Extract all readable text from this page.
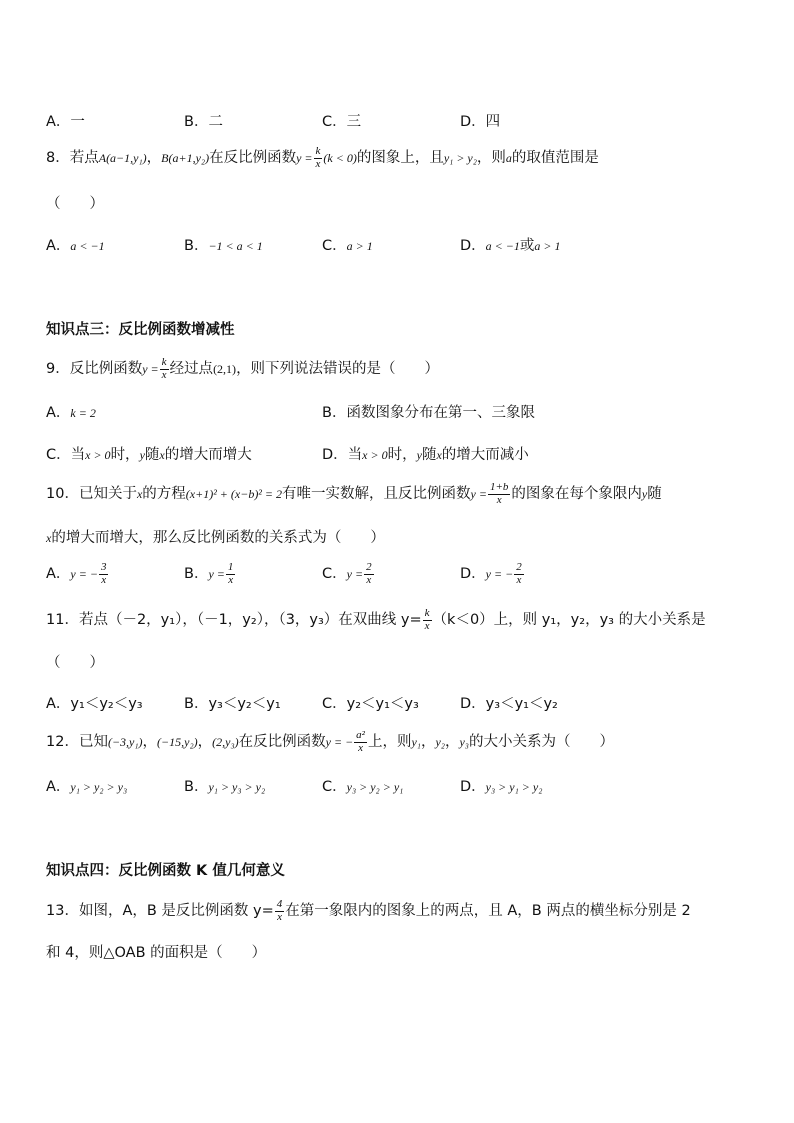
A．一	B．二	C．三	D．四
8．若点A(a−1,y₁)，B(a+1,y₂)在反比例函数$y = \frac{k}{x} (k < 0)$的图象上，且y₁ > y₂，则a的取值范围是
（　　）
A．a < −1	B．−1 < a < 1	C．a > 1	D．a < −1或a > 1
知识点三：反比例函数增减性
9．反比例函数$y = \frac{k}{x}$ 经过点(2,1)，则下列说法错误的是（　　）
A．k = 2	B．函数图象分布在第一、三象限
C．当x > 0时，y随x的增大而增大	D．当x > 0时，y随x的增大而减小
10．已知关于x的方程(x+1)² + (x−b)² = 2有唯一实数解，且反比例函数$y = \frac{1+b}{x}$ 的图象在每个象限内y随
x的增大而增大，那么反比例函数的关系式为（　　）
A．y = − $\frac{3}{x}$	B．$y = \frac{1}{x}$	C．$y = \frac{2}{x}$	D．y = − $\frac{2}{x}$
11．若点（－2，y₁），（－1，y₂），（3，y₃）在双曲线 $y= \frac{k}{x} (k<0)$上，则 y₁，y₂，y₃ 的大小关系是
（　　）
A．y₁＜y₂＜y₃	B．y₃＜y₂＜y₁	C．y₂＜y₁＜y₃	D．y₃＜y₁＜y₂
12．已知(−3,y₁)，(−15,y₂)，(2,y₃)在反比例函数y = − $\frac{\text{a²}}{x}$ 上，则y₁，y₂，y₃的大小关系为（　　）
A．y₁ > y₂ > y₃	B．y₁ > y₃ > y₂	C．y₃ > y₂ > y₁	D．y₃ > y₁ > y₂
知识点四：反比例函数 K 值几何意义
13．如图，A，B 是反比例函数 $y= \frac{4}{x}$ 在第一象限内的图象上的两点，且 A，B 两点的横坐标分别是 2
和 4，则△OAB 的面积是（　　）
